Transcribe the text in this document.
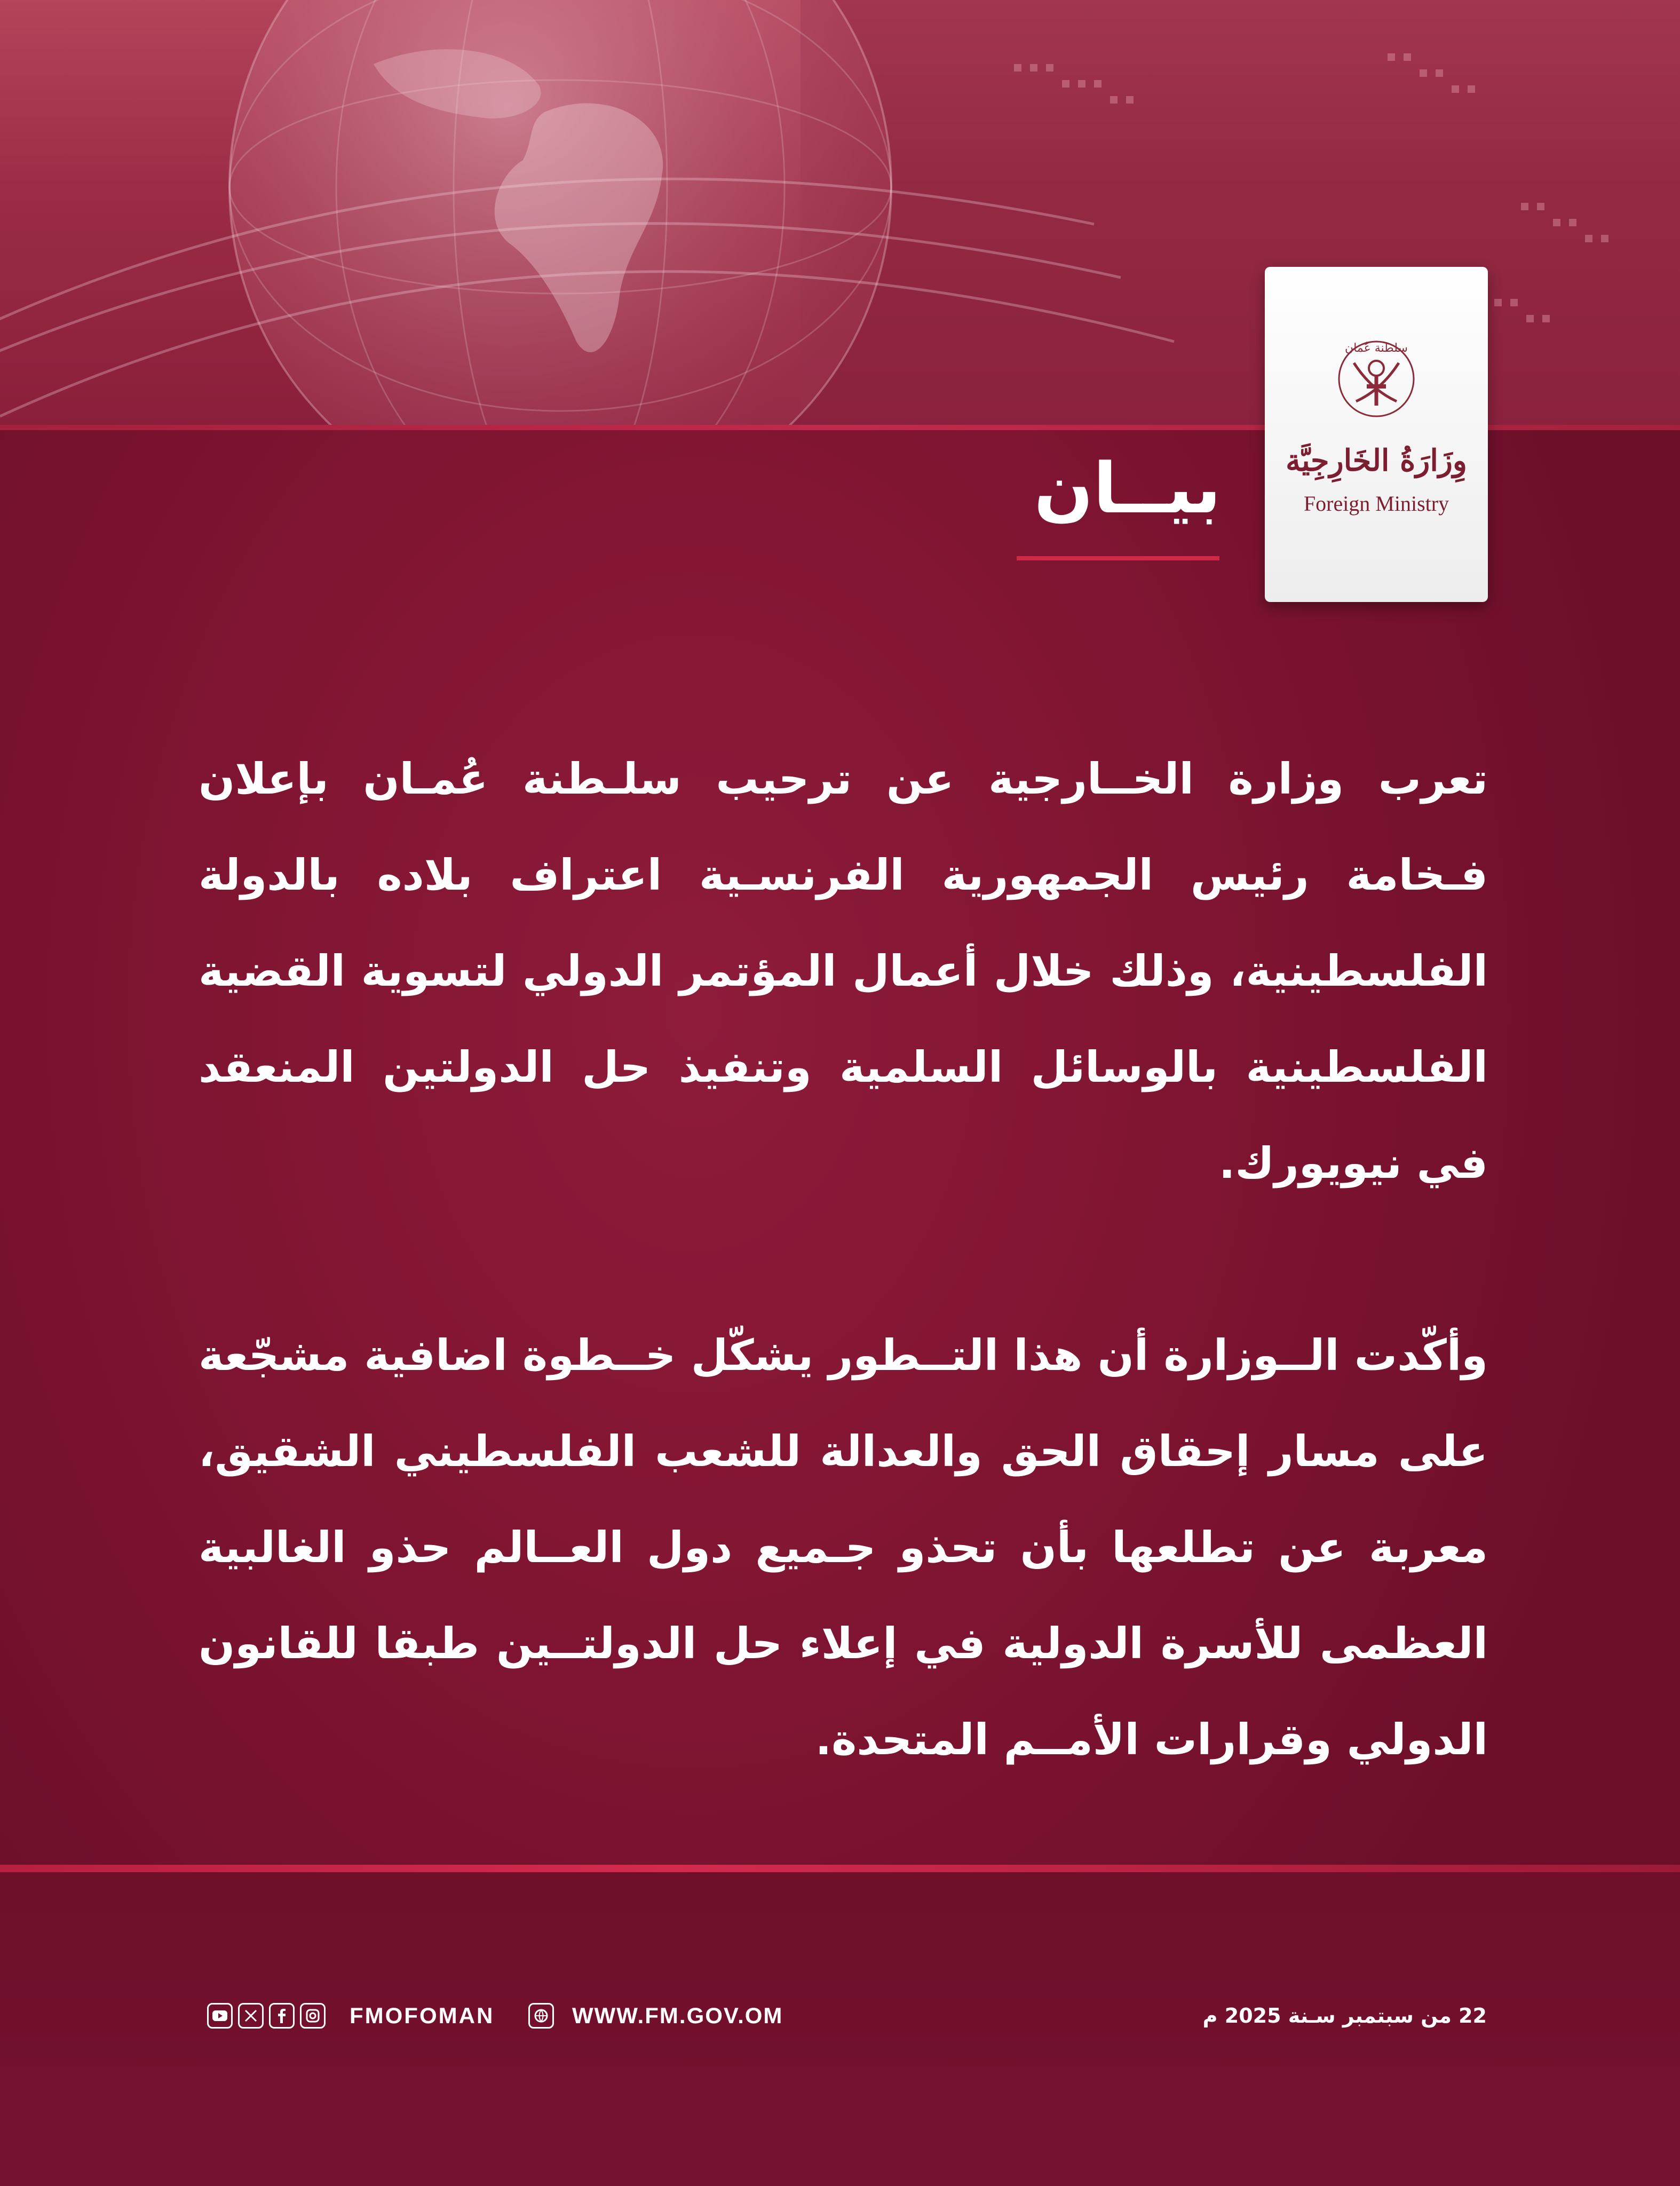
سلطنة عُمان
وِزَارَةُ الخَارِجِيَّة
Foreign Ministry
بيــان

تعرب وزارة الخــارجية عن ترحيب سلـطنة عُمـان بإعلان فـخامة رئيس الجمهورية الفرنسـية اعتراف بلاده بالدولة الفلسطينية، وذلك خلال أعمال المؤتمر الدولي لتسوية القضية الفلسطينية بالوسائل السلمية وتنفيذ حل الدولتين المنعقد في نيويورك.

وأكّدت الــوزارة أن هذا التــطور يشكّل خــطوة اضافية مشجّعة على مسار إحقاق الحق والعدالة للشعب الفلسطيني الشقيق، معربة عن تطلعها بأن تحذو جـميع دول العــالم حذو الغالبية العظمى للأسرة الدولية في إعلاء حل الدولتــين طبقا للقانون الدولي وقرارات الأمــم المتحدة.

FMOFOMAN	WWW.FM.GOV.OM	22 من سبتمبر سـنة 2025 م
